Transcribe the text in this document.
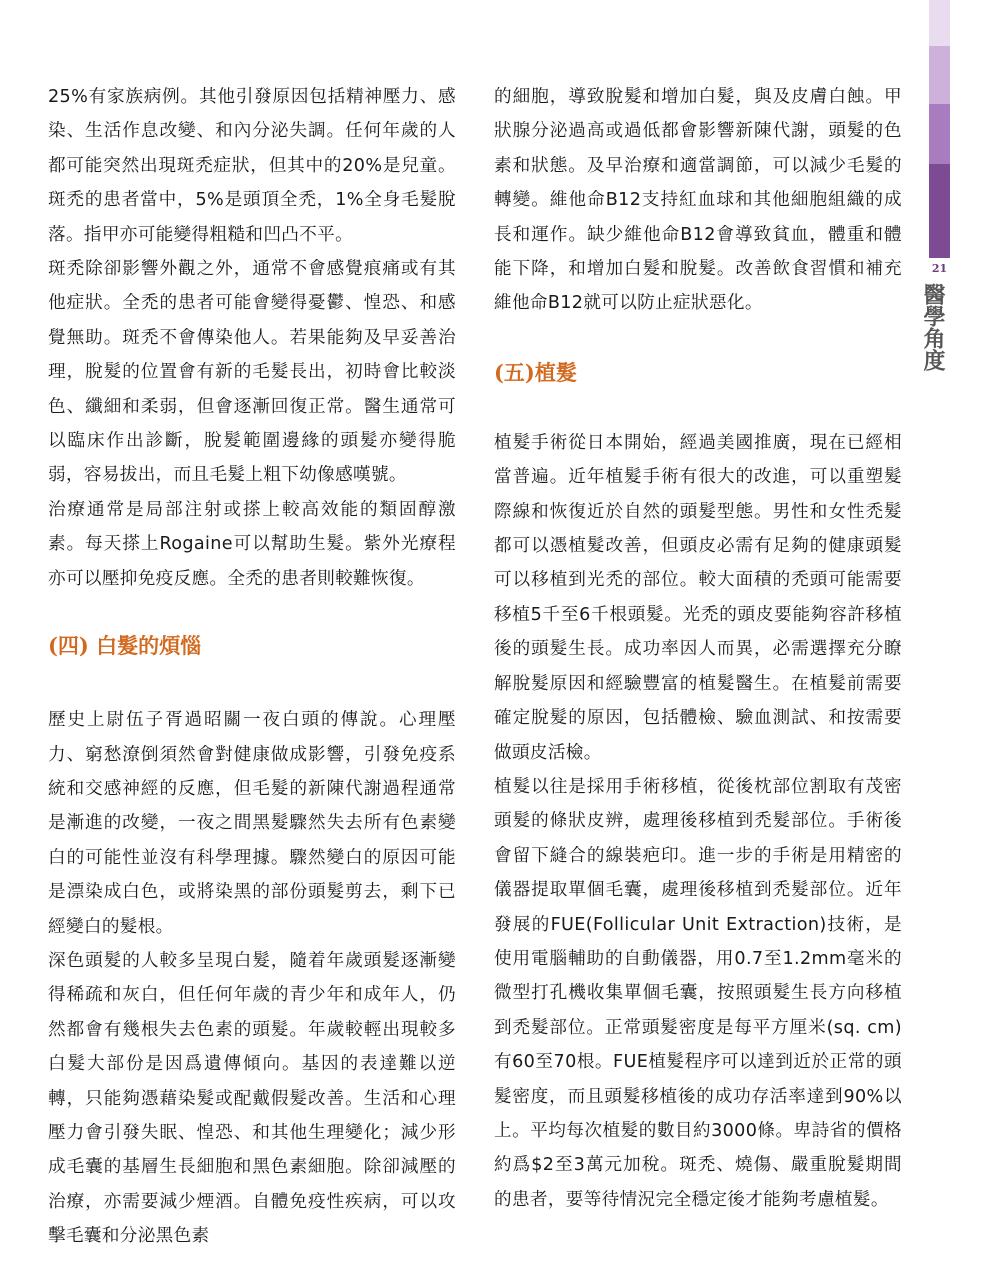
25%有家族病例。其他引發原因包括精神壓力、感染、生活作息改變、和內分泌失調。任何年歲的人都可能突然出現斑禿症狀，但其中的20%是兒童。斑禿的患者當中，5%是頭頂全禿，1%全身毛髮脫落。指甲亦可能變得粗糙和凹凸不平。

斑禿除卻影響外觀之外，通常不會感覺痕痛或有其他症狀。全禿的患者可能會變得憂鬱、惶恐、和感覺無助。斑禿不會傳染他人。若果能夠及早妥善治理，脫髮的位置會有新的毛髮長出，初時會比較淡色、纖細和柔弱，但會逐漸回復正常。醫生通常可以臨床作出診斷，脫髮範圍邊緣的頭髮亦變得脆弱，容易拔出，而且毛髮上粗下幼像感嘆號。

治療通常是局部注射或搽上較高效能的類固醇激素。每天搽上Rogaine可以幫助生髮。紫外光療程亦可以壓抑免疫反應。全禿的患者則較難恢復。

(四) 白髮的煩惱

歷史上尉伍子胥過昭關一夜白頭的傳說。心理壓力、窮愁潦倒須然會對健康做成影響，引發免疫系統和交感神經的反應，但毛髮的新陳代謝過程通常是漸進的改變，一夜之間黑髮驟然失去所有色素變白的可能性並沒有科學理據。驟然變白的原因可能是漂染成白色，或將染黑的部份頭髮剪去，剩下已經變白的髮根。

深色頭髮的人較多呈現白髮，隨着年歲頭髮逐漸變得稀疏和灰白，但任何年歲的青少年和成年人，仍然都會有幾根失去色素的頭髮。年歲較輕出現較多白髮大部份是因爲遺傳傾向。基因的表達難以逆轉，只能夠憑藉染髮或配戴假髮改善。生活和心理壓力會引發失眠、惶恐、和其他生理變化；減少形成毛囊的基層生長細胞和黑色素細胞。除卻減壓的治療，亦需要減少煙酒。自體免疫性疾病，可以攻擊毛囊和分泌黑色素

的細胞，導致脫髮和增加白髮，與及皮膚白蝕。甲狀腺分泌過高或過低都會影響新陳代謝，頭髮的色素和狀態。及早治療和適當調節，可以減少毛髮的轉變。維他命B12支持紅血球和其他細胞組織的成長和運作。缺少維他命B12會導致貧血，體重和體能下降，和增加白髮和脫髮。改善飲食習慣和補充維他命B12就可以防止症狀惡化。

(五)植髮

植髮手術從日本開始，經過美國推廣，現在已經相當普遍。近年植髮手術有很大的改進，可以重塑髮際線和恢復近於自然的頭髮型態。男性和女性禿髮都可以憑植髮改善，但頭皮必需有足夠的健康頭髮可以移植到光禿的部位。較大面積的禿頭可能需要移植5千至6千根頭髮。光禿的頭皮要能夠容許移植後的頭髮生長。成功率因人而異，必需選擇充分瞭解脫髮原因和經驗豐富的植髮醫生。在植髮前需要確定脫髮的原因，包括體檢、驗血測試、和按需要做頭皮活檢。

植髮以往是採用手術移植，從後枕部位割取有茂密頭髮的條狀皮辨，處理後移植到禿髮部位。手術後會留下縫合的線裝疤印。進一步的手術是用精密的儀器提取單個毛囊，處理後移植到禿髮部位。近年發展的FUE(Follicular Unit Extraction)技術，是使用電腦輔助的自動儀器，用0.7至1.2mm毫米的微型打孔機收集單個毛囊，按照頭髮生長方向移植到禿髮部位。正常頭髮密度是每平方厘米(sq. cm)有60至70根。FUE植髮程序可以達到近於正常的頭髮密度，而且頭髮移植後的成功存活率達到90%以上。平均每次植髮的數目約3000條。卑詩省的價格約爲$2至3萬元加稅。斑禿、燒傷、嚴重脫髮期間的患者，要等待情況完全穩定後才能夠考慮植髮。

21
醫學角度
